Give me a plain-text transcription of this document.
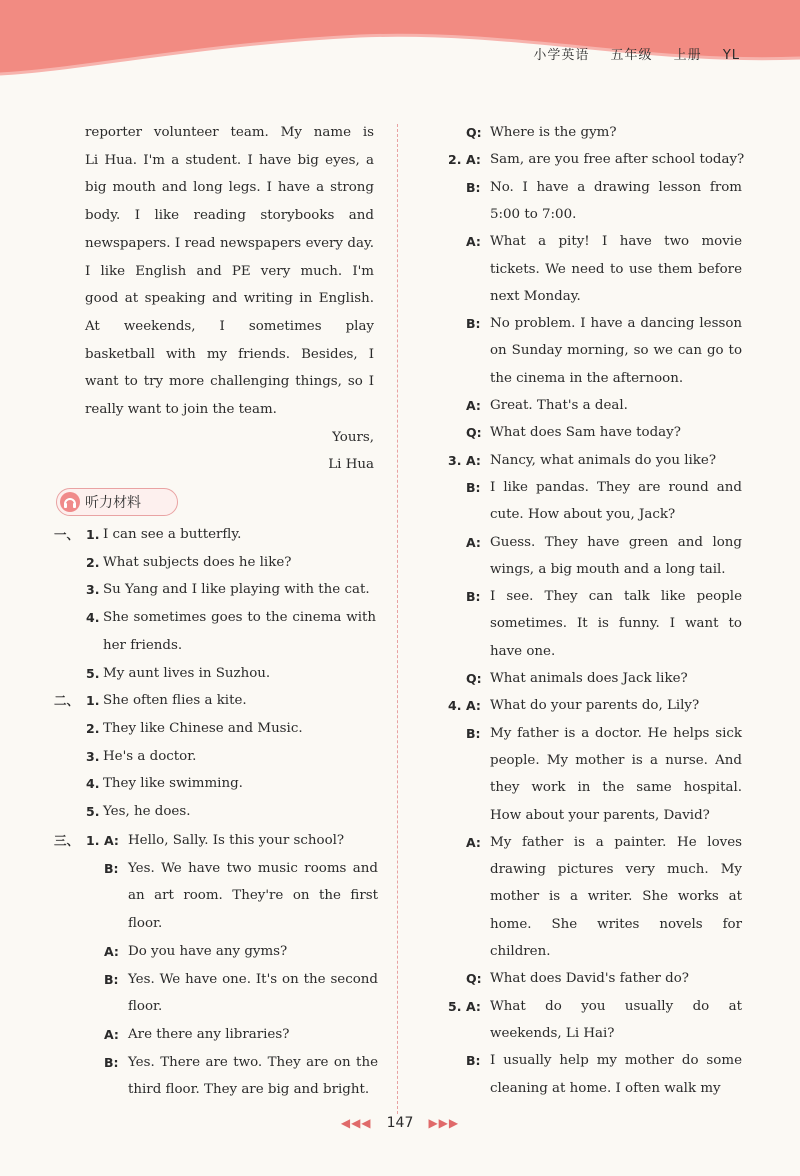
小学英语 五年级 上册 YL
reporter volunteer team. My name is
Li Hua. I'm a student. I have big eyes, a
big mouth and long legs. I have a strong
body. I like reading storybooks and
newspapers. I read newspapers every day.
I like English and PE very much. I'm
good at speaking and writing in English.
At weekends, I sometimes play
basketball with my friends. Besides, I
want to try more challenging things, so I
really want to join the team.
Yours,
Li Hua
一、 1. I can see a butterfly.
2. What subjects does he like?
3. Su Yang and I like playing with the cat.
4. She sometimes goes to the cinema with
her friends.
5. My aunt lives in Suzhou.
二、 1. She often flies a kite.
2. They like Chinese and Music.
3. He's a doctor.
4. They like swimming.
5. Yes, he does.
三、 1. A: Hello, Sally. Is this your school?
B: Yes. We have two music rooms and
an art room. They're on the first
floor.
A: Do you have any gyms?
B: Yes. We have one. It's on the second
floor.
A: Are there any libraries?
B: Yes. There are two. They are on the
third floor. They are big and bright.
听力材料
Q: Where is the gym?
2. A: Sam, are you free after school today?
B: No. I have a drawing lesson from
5:00 to 7:00.
A: What a pity! I have two movie
tickets. We need to use them before
next Monday.
B: No problem. I have a dancing lesson
on Sunday morning, so we can go to
the cinema in the afternoon.
A: Great. That's a deal.
Q: What does Sam have today?
3. A: Nancy, what animals do you like?
B: I like pandas. They are round and
cute. How about you, Jack?
A: Guess. They have green and long
wings, a big mouth and a long tail.
B: I see. They can talk like people
sometimes. It is funny. I want to
have one.
Q: What animals does Jack like?
4. A: What do your parents do, Lily?
B: My father is a doctor. He helps sick
people. My mother is a nurse. And
they work in the same hospital.
How about your parents, David?
A: My father is a painter. He loves
drawing pictures very much. My
mother is a writer. She works at
home. She writes novels for
children.
Q: What does David's father do?
5. A: What do you usually do at
weekends, Li Hai?
B: I usually help my mother do some
cleaning at home. I often walk my
◀◀◀ 147 ▶▶▶
